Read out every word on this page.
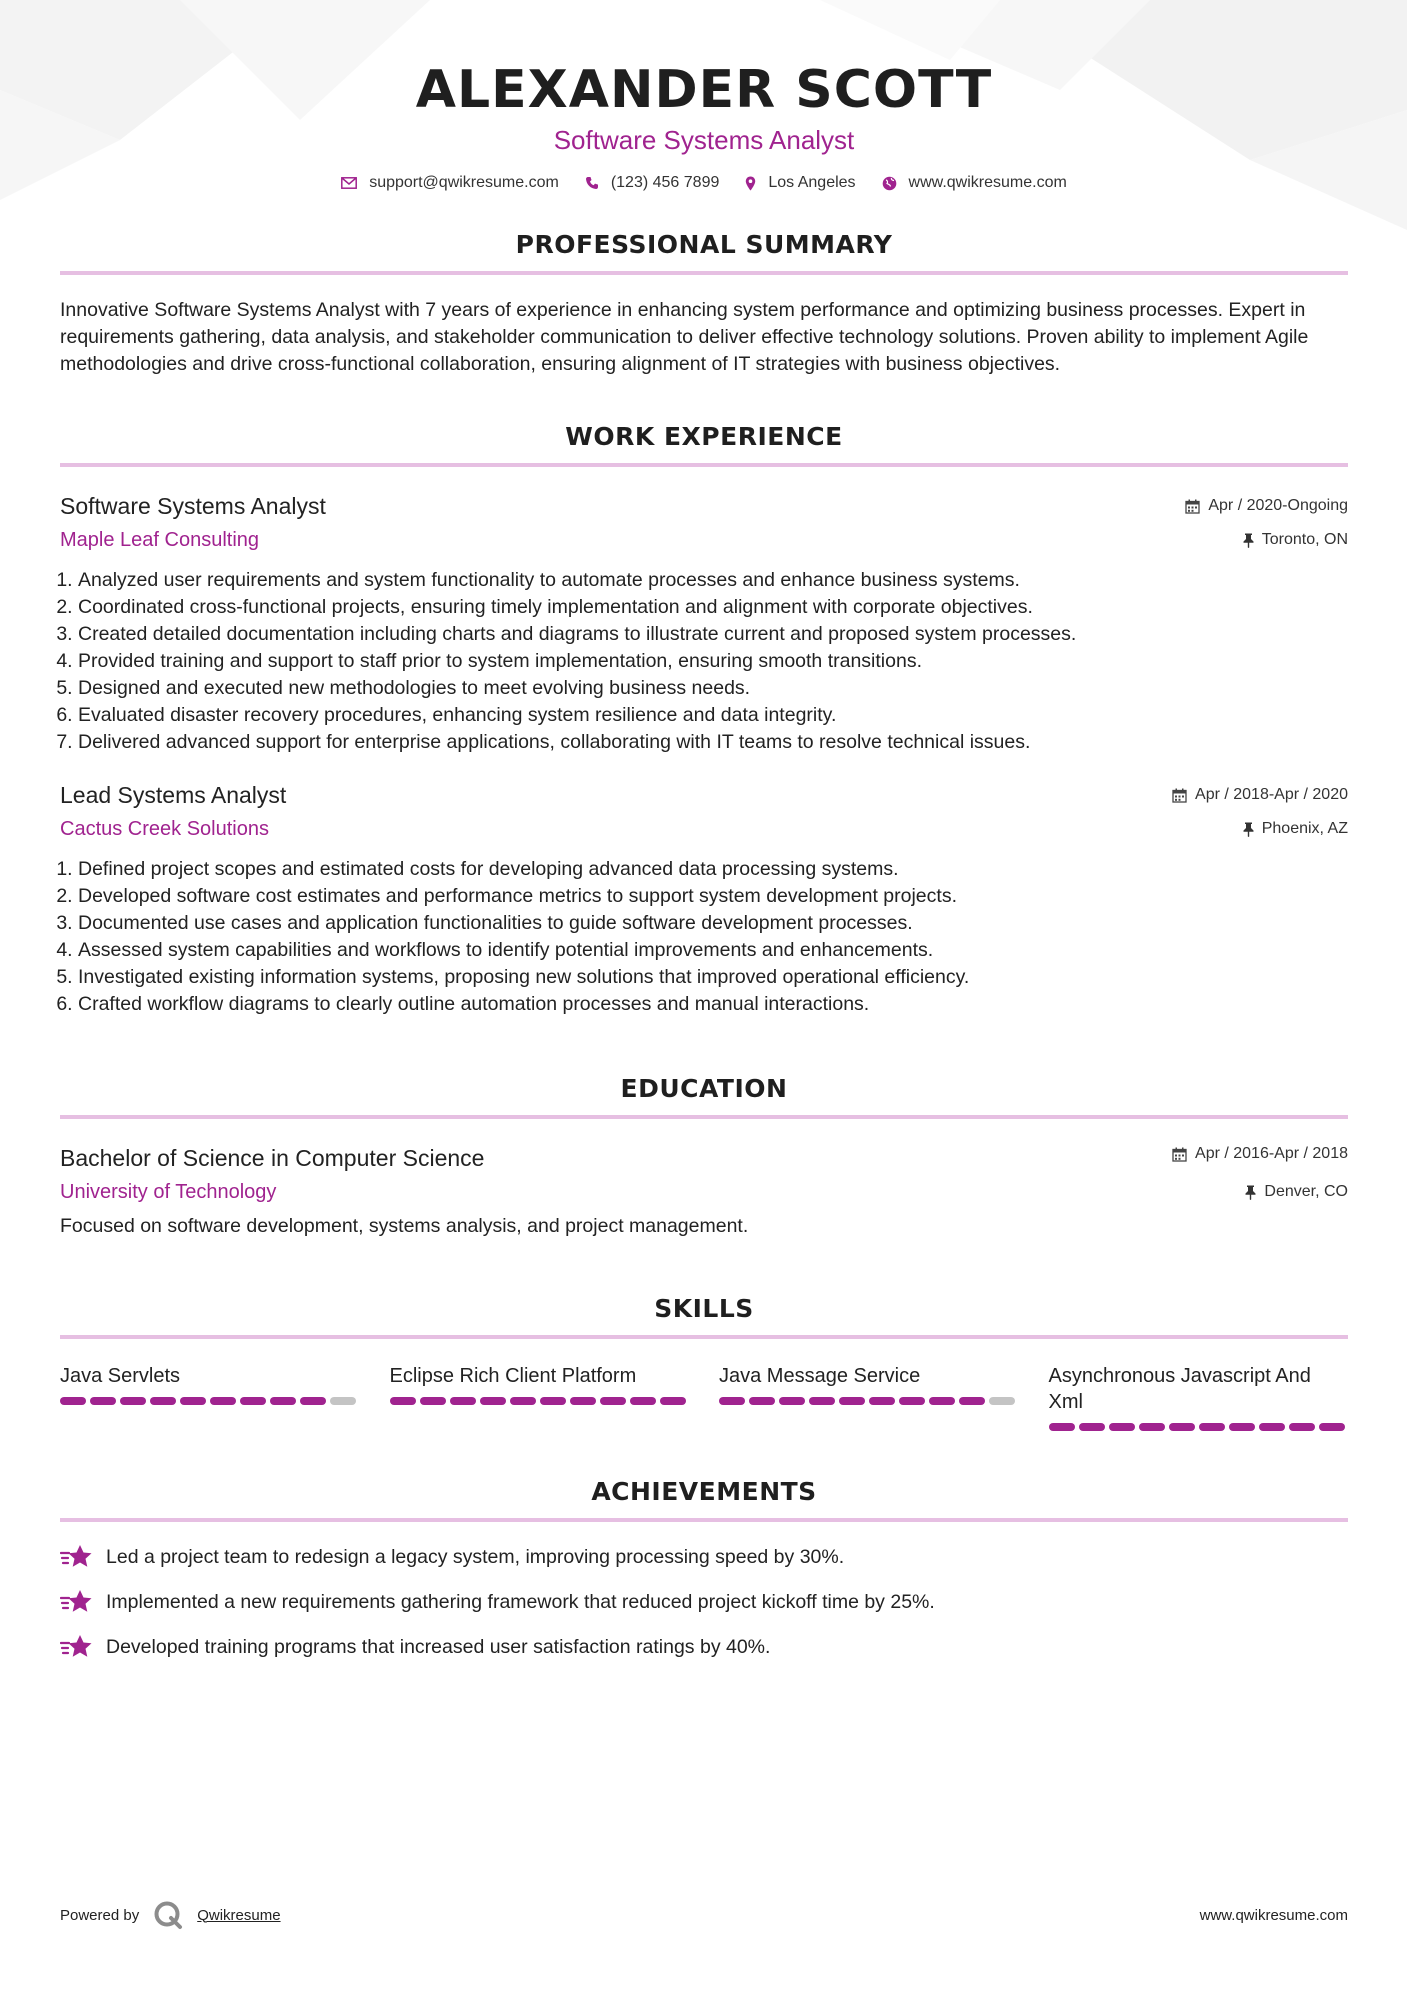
ALEXANDER SCOTT
Software Systems Analyst
support@qwikresume.com	(123) 456 7899	Los Angeles	www.qwikresume.com
PROFESSIONAL SUMMARY
Innovative Software Systems Analyst with 7 years of experience in enhancing system performance and optimizing business processes. Expert in requirements gathering, data analysis, and stakeholder communication to deliver effective technology solutions. Proven ability to implement Agile methodologies and drive cross-functional collaboration, ensuring alignment of IT strategies with business objectives.
WORK EXPERIENCE
Software Systems Analyst
Maple Leaf Consulting
Apr / 2020-Ongoing
Toronto, ON
1. Analyzed user requirements and system functionality to automate processes and enhance business systems.
2. Coordinated cross-functional projects, ensuring timely implementation and alignment with corporate objectives.
3. Created detailed documentation including charts and diagrams to illustrate current and proposed system processes.
4. Provided training and support to staff prior to system implementation, ensuring smooth transitions.
5. Designed and executed new methodologies to meet evolving business needs.
6. Evaluated disaster recovery procedures, enhancing system resilience and data integrity.
7. Delivered advanced support for enterprise applications, collaborating with IT teams to resolve technical issues.
Lead Systems Analyst
Cactus Creek Solutions
Apr / 2018-Apr / 2020
Phoenix, AZ
1. Defined project scopes and estimated costs for developing advanced data processing systems.
2. Developed software cost estimates and performance metrics to support system development projects.
3. Documented use cases and application functionalities to guide software development processes.
4. Assessed system capabilities and workflows to identify potential improvements and enhancements.
5. Investigated existing information systems, proposing new solutions that improved operational efficiency.
6. Crafted workflow diagrams to clearly outline automation processes and manual interactions.
EDUCATION
Bachelor of Science in Computer Science
University of Technology
Apr / 2016-Apr / 2018
Denver, CO
Focused on software development, systems analysis, and project management.
SKILLS
Java Servlets	Eclipse Rich Client Platform	Java Message Service	Asynchronous Javascript And Xml
ACHIEVEMENTS
Led a project team to redesign a legacy system, improving processing speed by 30%.
Implemented a new requirements gathering framework that reduced project kickoff time by 25%.
Developed training programs that increased user satisfaction ratings by 40%.
Powered by	Qwikresume	www.qwikresume.com
